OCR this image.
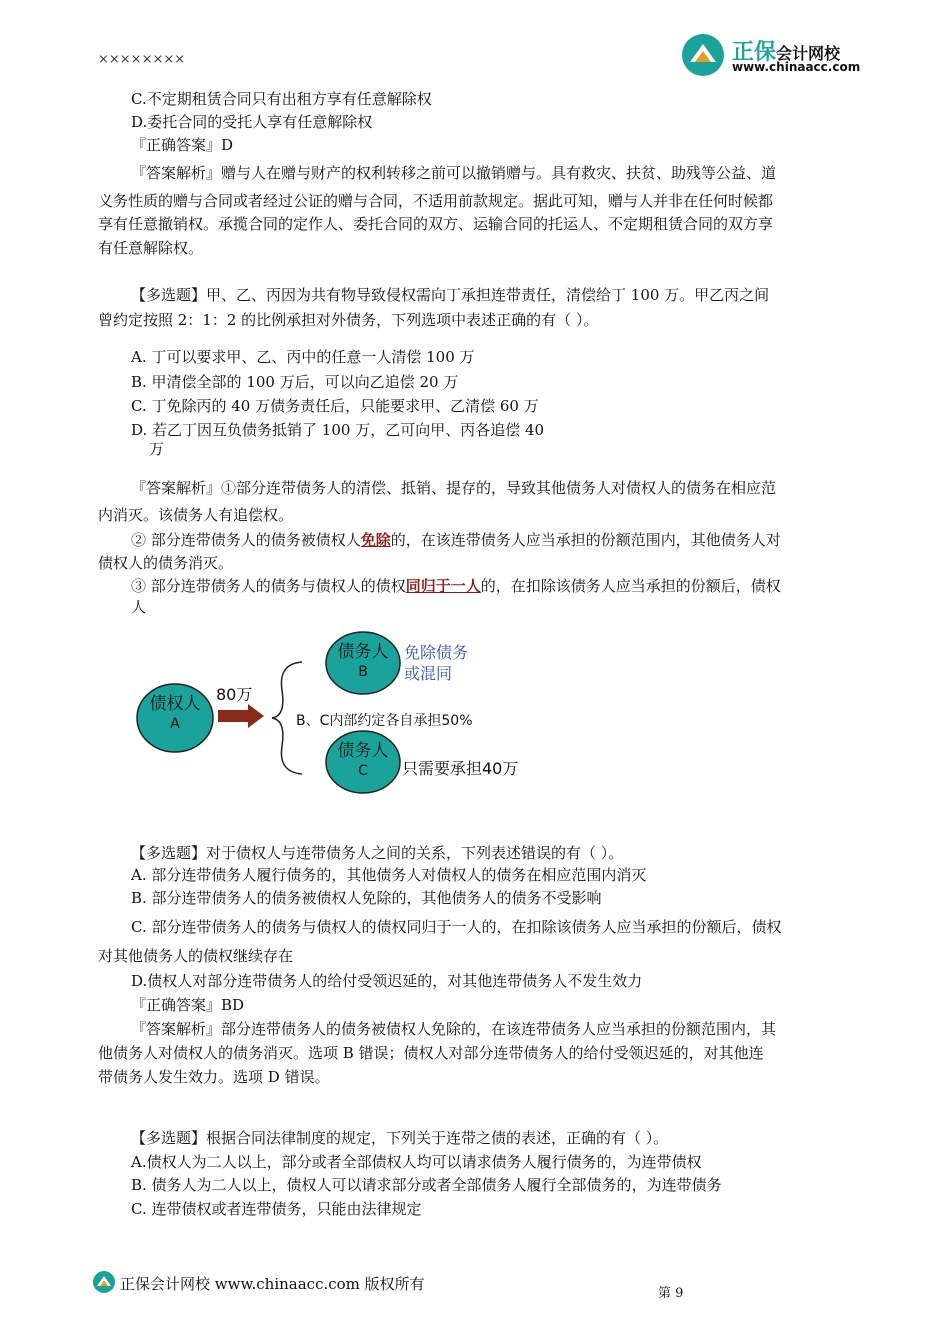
××××××××	正保会计网校
www.chinaacc.com
C.不定期租赁合同只有出租方享有任意解除权
D.委托合同的受托人享有任意解除权
『正确答案』D
『答案解析』赠与人在赠与财产的权利转移之前可以撤销赠与。具有救灾、扶贫、助残等公益、道
义务性质的赠与合同或者经过公证的赠与合同，不适用前款规定。据此可知，赠与人并非在任何时候都
享有任意撤销权。承揽合同的定作人、委托合同的双方、运输合同的托运人、不定期租赁合同的双方享
有任意解除权。
【多选题】甲、乙、丙因为共有物导致侵权需向丁承担连带责任，清偿给丁 100 万。甲乙丙之间
曾约定按照 2：1：2 的比例承担对外债务，下列选项中表述正确的有（ ）。
A. 丁可以要求甲、乙、丙中的任意一人清偿 100 万
B. 甲清偿全部的 100 万后，可以向乙追偿 20 万
C. 丁免除丙的 40 万债务责任后，只能要求甲、乙清偿 60 万
D. 若乙丁因互负债务抵销了 100 万，乙可向甲、丙各追偿 40
万
『答案解析』①部分连带债务人的清偿、抵销、提存的，导致其他债务人对债权人的债务在相应范
内消灭。该债务人有追偿权。
② 部分连带债务人的债务被债权人免除的，在该连带债务人应当承担的份额范围内，其他债务人对
债权人的债务消灭。
③ 部分连带债务人的债务与债权人的债权同归于一人的，在扣除该债务人应当承担的份额后，债权
人
债权人
A
80万
债务人
B
债务人
C
免除债务
或混同
B、C内部约定各自承担50%
只需要承担40万
【多选题】对于债权人与连带债务人之间的关系，下列表述错误的有（ ）。
A. 部分连带债务人履行债务的，其他债务人对债权人的债务在相应范围内消灭
B. 部分连带债务人的债务被债权人免除的，其他债务人的债务不受影响
C. 部分连带债务人的债务与债权人的债权同归于一人的，在扣除该债务人应当承担的份额后，债权
对其他债务人的债权继续存在
D.债权人对部分连带债务人的给付受领迟延的，对其他连带债务人不发生效力
『正确答案』BD
『答案解析』部分连带债务人的债务被债权人免除的，在该连带债务人应当承担的份额范围内，其
他债务人对债权人的债务消灭。选项 B 错误；债权人对部分连带债务人的给付受领迟延的，对其他连
带债务人发生效力。选项 D 错误。
【多选题】根据合同法律制度的规定，下列关于连带之债的表述，正确的有（ ）。
A.债权人为二人以上，部分或者全部债权人均可以请求债务人履行债务的，为连带债权
B. 债务人为二人以上，债权人可以请求部分或者全部债务人履行全部债务的，为连带债务
C. 连带债权或者连带债务，只能由法律规定
正保会计网校 www.chinaacc.com 版权所有
第 9
